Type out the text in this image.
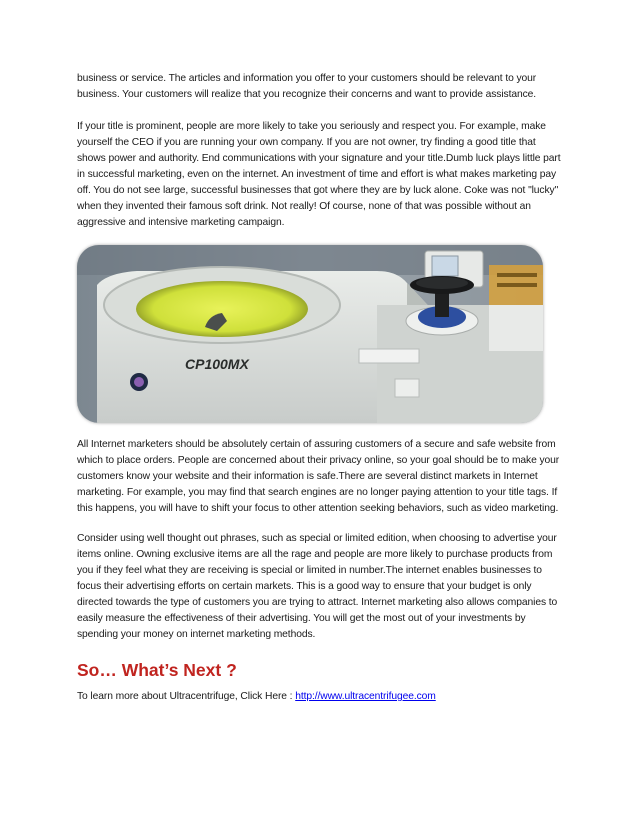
business or service. The articles and information you offer to your customers should be relevant to your business. Your customers will realize that you recognize their concerns and want to provide assistance.

If your title is prominent, people are more likely to take you seriously and respect you. For example, make yourself the CEO if you are running your own company. If you are not owner, try finding a good title that shows power and authority. End communications with your signature and your title.Dumb luck plays little part in successful marketing, even on the internet. An investment of time and effort is what makes marketing pay off. You do not see large, successful businesses that got where they are by luck alone. Coke was not "lucky" when they invented their famous soft drink. Not really! Of course, none of that was possible without an aggressive and intensive marketing campaign.

CP100MX

All Internet marketers should be absolutely certain of assuring customers of a secure and safe website from which to place orders. People are concerned about their privacy online, so your goal should be to make your customers know your website and their information is safe.There are several distinct markets in Internet marketing. For example, you may find that search engines are no longer paying attention to your title tags. If this happens, you will have to shift your focus to other attention seeking behaviors, such as video marketing.

Consider using well thought out phrases, such as special or limited edition, when choosing to advertise your items online. Owning exclusive items are all the rage and people are more likely to purchase products from you if they feel what they are receiving is special or limited in number.The internet enables businesses to focus their advertising efforts on certain markets. This is a good way to ensure that your budget is only directed towards the type of customers you are trying to attract. Internet marketing also allows companies to easily measure the effectiveness of their advertising. You will get the most out of your investments by spending your money on internet marketing methods.

So… What’s Next ?

To learn more about Ultracentrifuge, Click Here : http://www.ultracentrifugee.com
